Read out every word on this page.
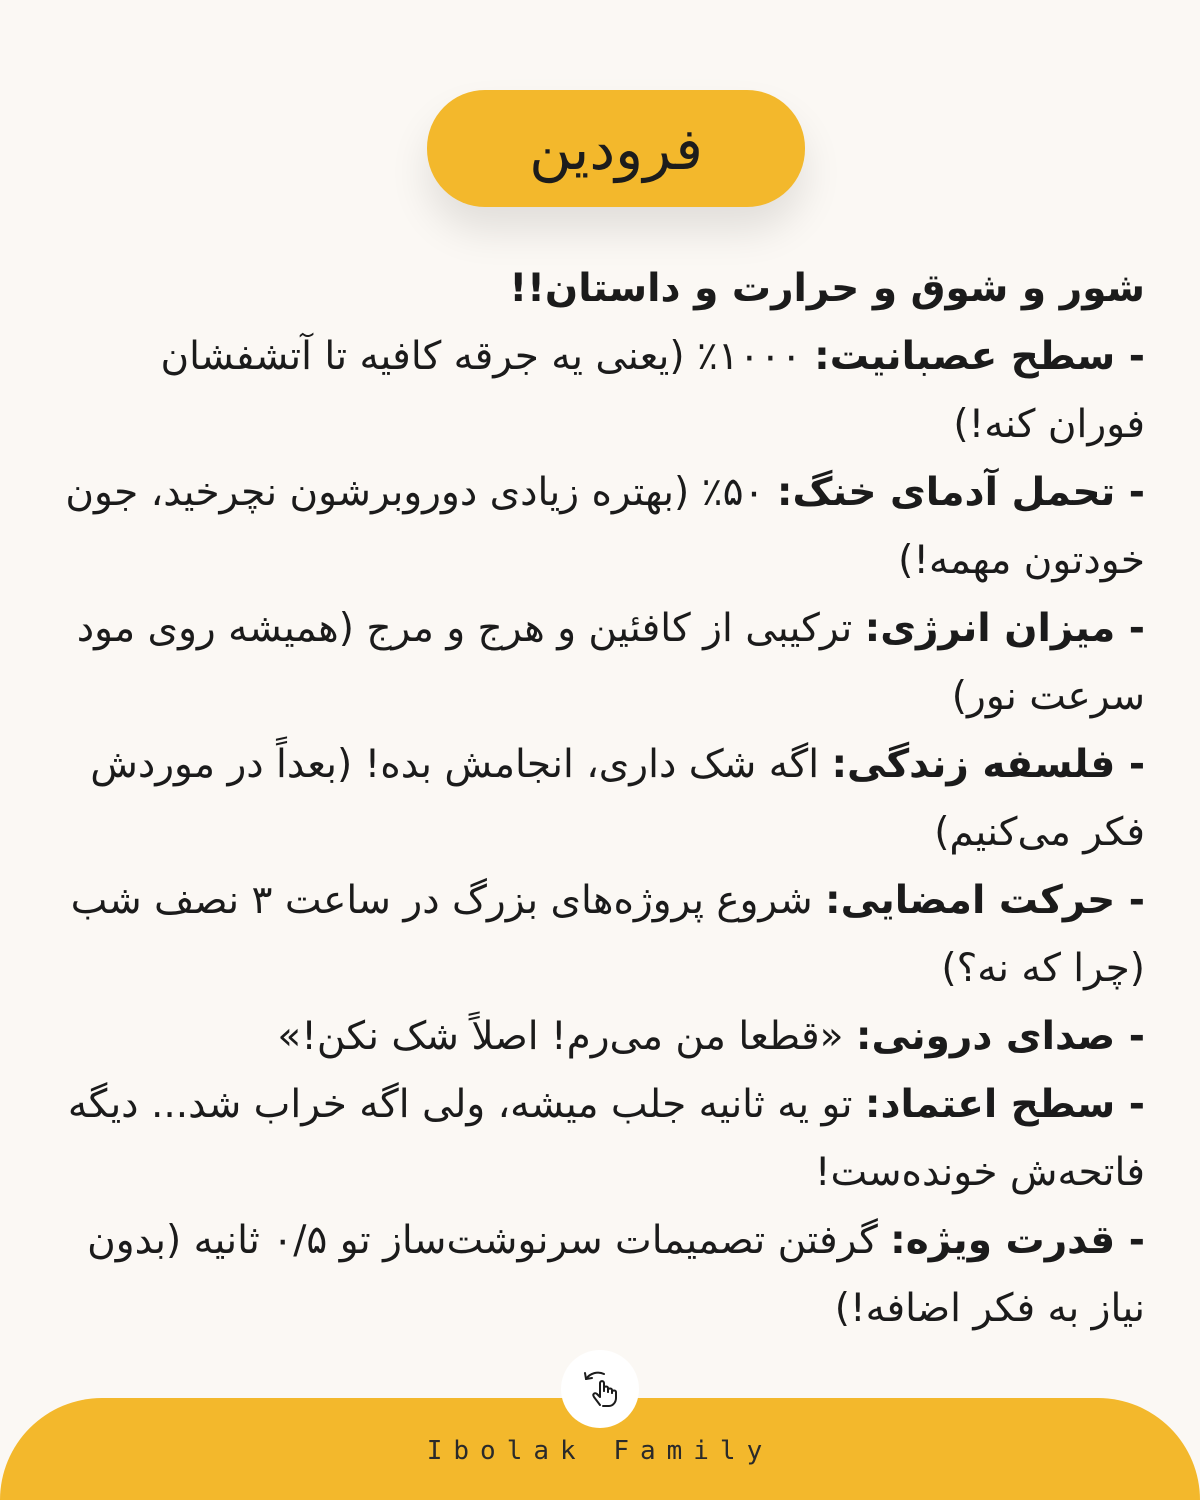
فرودین

شور و شوق و حرارت و داستان!!

- سطح عصبانیت: ۱۰۰۰٪ (یعنی یه جرقه کافیه تا آتشفشان فوران کنه!)

- تحمل آدمای خنگ: ۵۰٪ (بهتره زیادی دوروبرشون نچرخید، جون خودتون مهمه!)

- میزان انرژی: ترکیبی از کافئین و هرج و مرج (همیشه روی مود سرعت نور)

- فلسفه زندگی: اگه شک داری، انجامش بده! (بعداً در موردش فکر می‌کنیم)

- حرکت امضایی: شروع پروژه‌های بزرگ در ساعت ۳ نصف شب (چرا که نه؟)

- صدای درونی: «قطعا من می‌رم! اصلاً شک نکن!»

- سطح اعتماد: تو یه ثانیه جلب میشه، ولی اگه خراب شد... دیگه فاتحه‌ش خونده‌ست!

- قدرت ویژه: گرفتن تصمیمات سرنوشت‌ساز تو ۰/۵ ثانیه (بدون نیاز به فکر اضافه!)

Ibolak Family
